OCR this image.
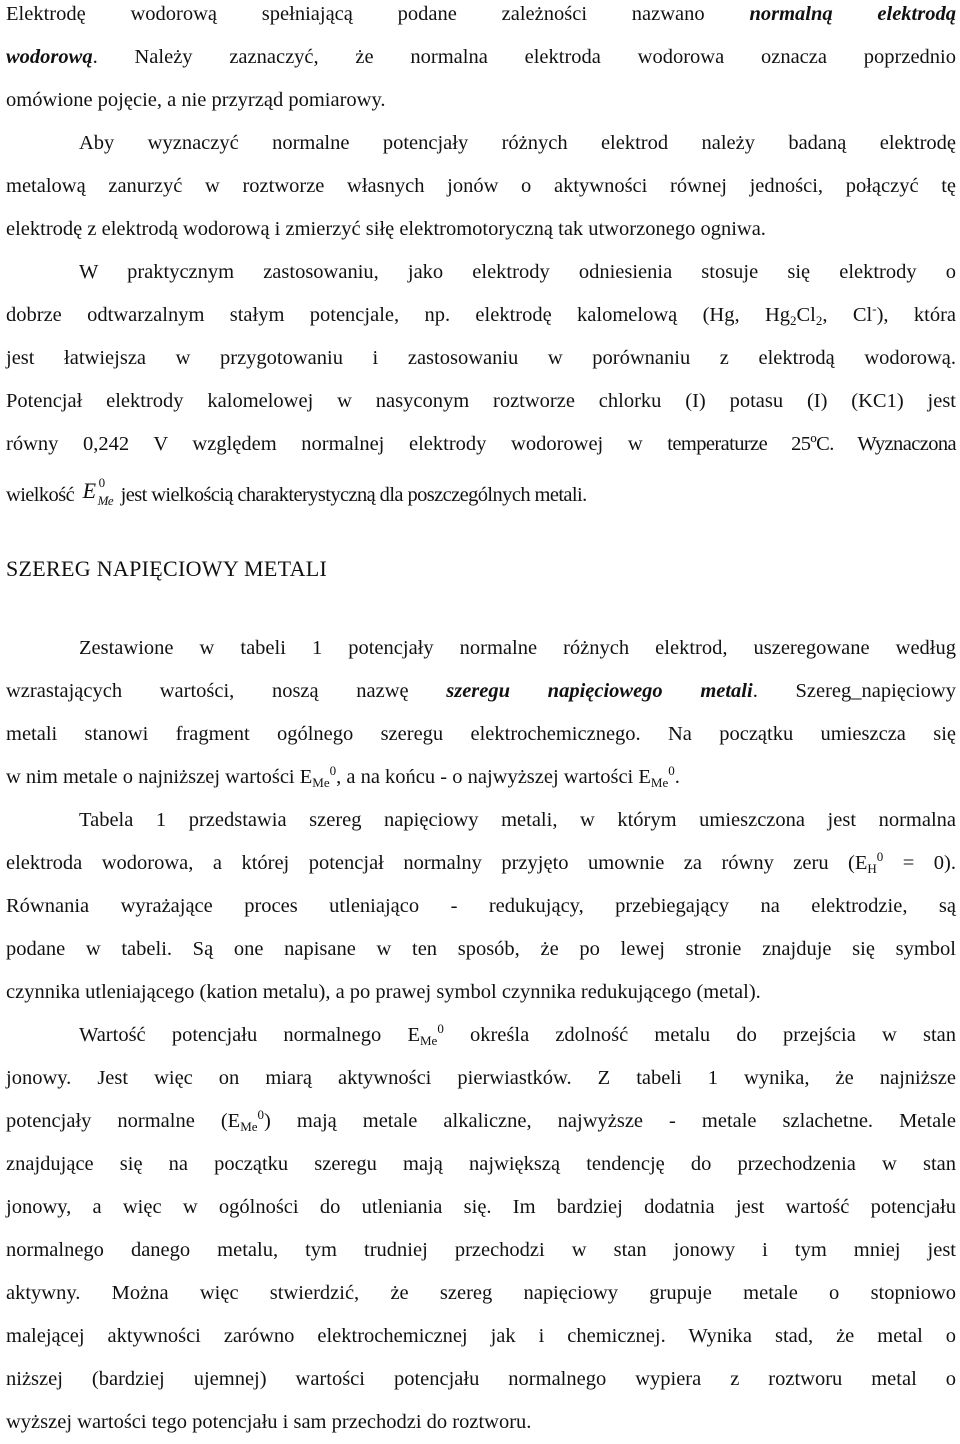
Elektrodę wodorową spełniającą podane zależności nazwano normalną elektrodą
wodorową. Należy zaznaczyć, że normalna elektroda wodorowa oznacza poprzednio
omówione pojęcie, a nie przyrząd pomiarowy.
Aby wyznaczyć normalne potencjały różnych elektrod należy badaną elektrodę
metalową zanurzyć w roztworze własnych jonów o aktywności równej jedności, połączyć tę
elektrodę z elektrodą wodorową i zmierzyć siłę elektromotoryczną tak utworzonego ogniwa.
W praktycznym zastosowaniu, jako elektrody odniesienia stosuje się elektrody o
dobrze odtwarzalnym stałym potencjale, np. elektrodę kalomelową (Hg, $Hg_2Cl_2$, Cl-), która
jest łatwiejsza w przygotowaniu i zastosowaniu w porównaniu z elektrodą wodorową.
Potencjał elektrody kalomelowej w nasyconym roztworze chlorku (I) potasu (I) (KC1) jest
równy 0,242 V względem normalnej elektrody wodorowej w temperaturze 25ºC. Wyznaczona
wielkość E 0
Me jest wielkością charakterystyczną dla poszczególnych metali.
SZEREG NAPIĘCIOWY METALI
Zestawione w tabeli 1 potencjały normalne różnych elektrod, uszeregowane według
wzrastających wartości, noszą nazwę szeregu napięciowego metali. Szereg_napięciowy
metali stanowi fragment ogólnego szeregu elektrochemicznego. Na początku umieszcza się
w nim metale o najniższej wartości $E_{Me}^0$, a na końcu - o najwyższej wartości $E_{Me}^0$.
Tabela 1 przedstawia szereg napięciowy metali, w którym umieszczona jest normalna
elektroda wodorowa, a której potencjał normalny przyjęto umownie za równy zeru $(E_H^0 = 0)$.
Równania wyrażające proces utleniająco - redukujący, przebiegający na elektrodzie, są
podane w tabeli. Są one napisane w ten sposób, że po lewej stronie znajduje się symbol
czynnika utleniającego (kation metalu), a po prawej symbol czynnika redukującego (metal).
Wartość potencjału normalnego $E_{Me}^0$ określa zdolność metalu do przejścia w stan
jonowy. Jest więc on miarą aktywności pierwiastków. Z tabeli 1 wynika, że najniższe
potencjały normalne $(E_{Me}^0)$ mają metale alkaliczne, najwyższe - metale szlachetne. Metale
znajdujące się na początku szeregu mają największą tendencję do przechodzenia w stan
jonowy, a więc w ogólności do utleniania się. Im bardziej dodatnia jest wartość potencjału
normalnego danego metalu, tym trudniej przechodzi w stan jonowy i tym mniej jest
aktywny. Można więc stwierdzić, że szereg napięciowy grupuje metale o stopniowo
malejącej aktywności zarówno elektrochemicznej jak i chemicznej. Wynika stad, że metal o
niższej (bardziej ujemnej) wartości potencjału normalnego wypiera z roztworu metal o
wyższej wartości tego potencjału i sam przechodzi do roztworu.
